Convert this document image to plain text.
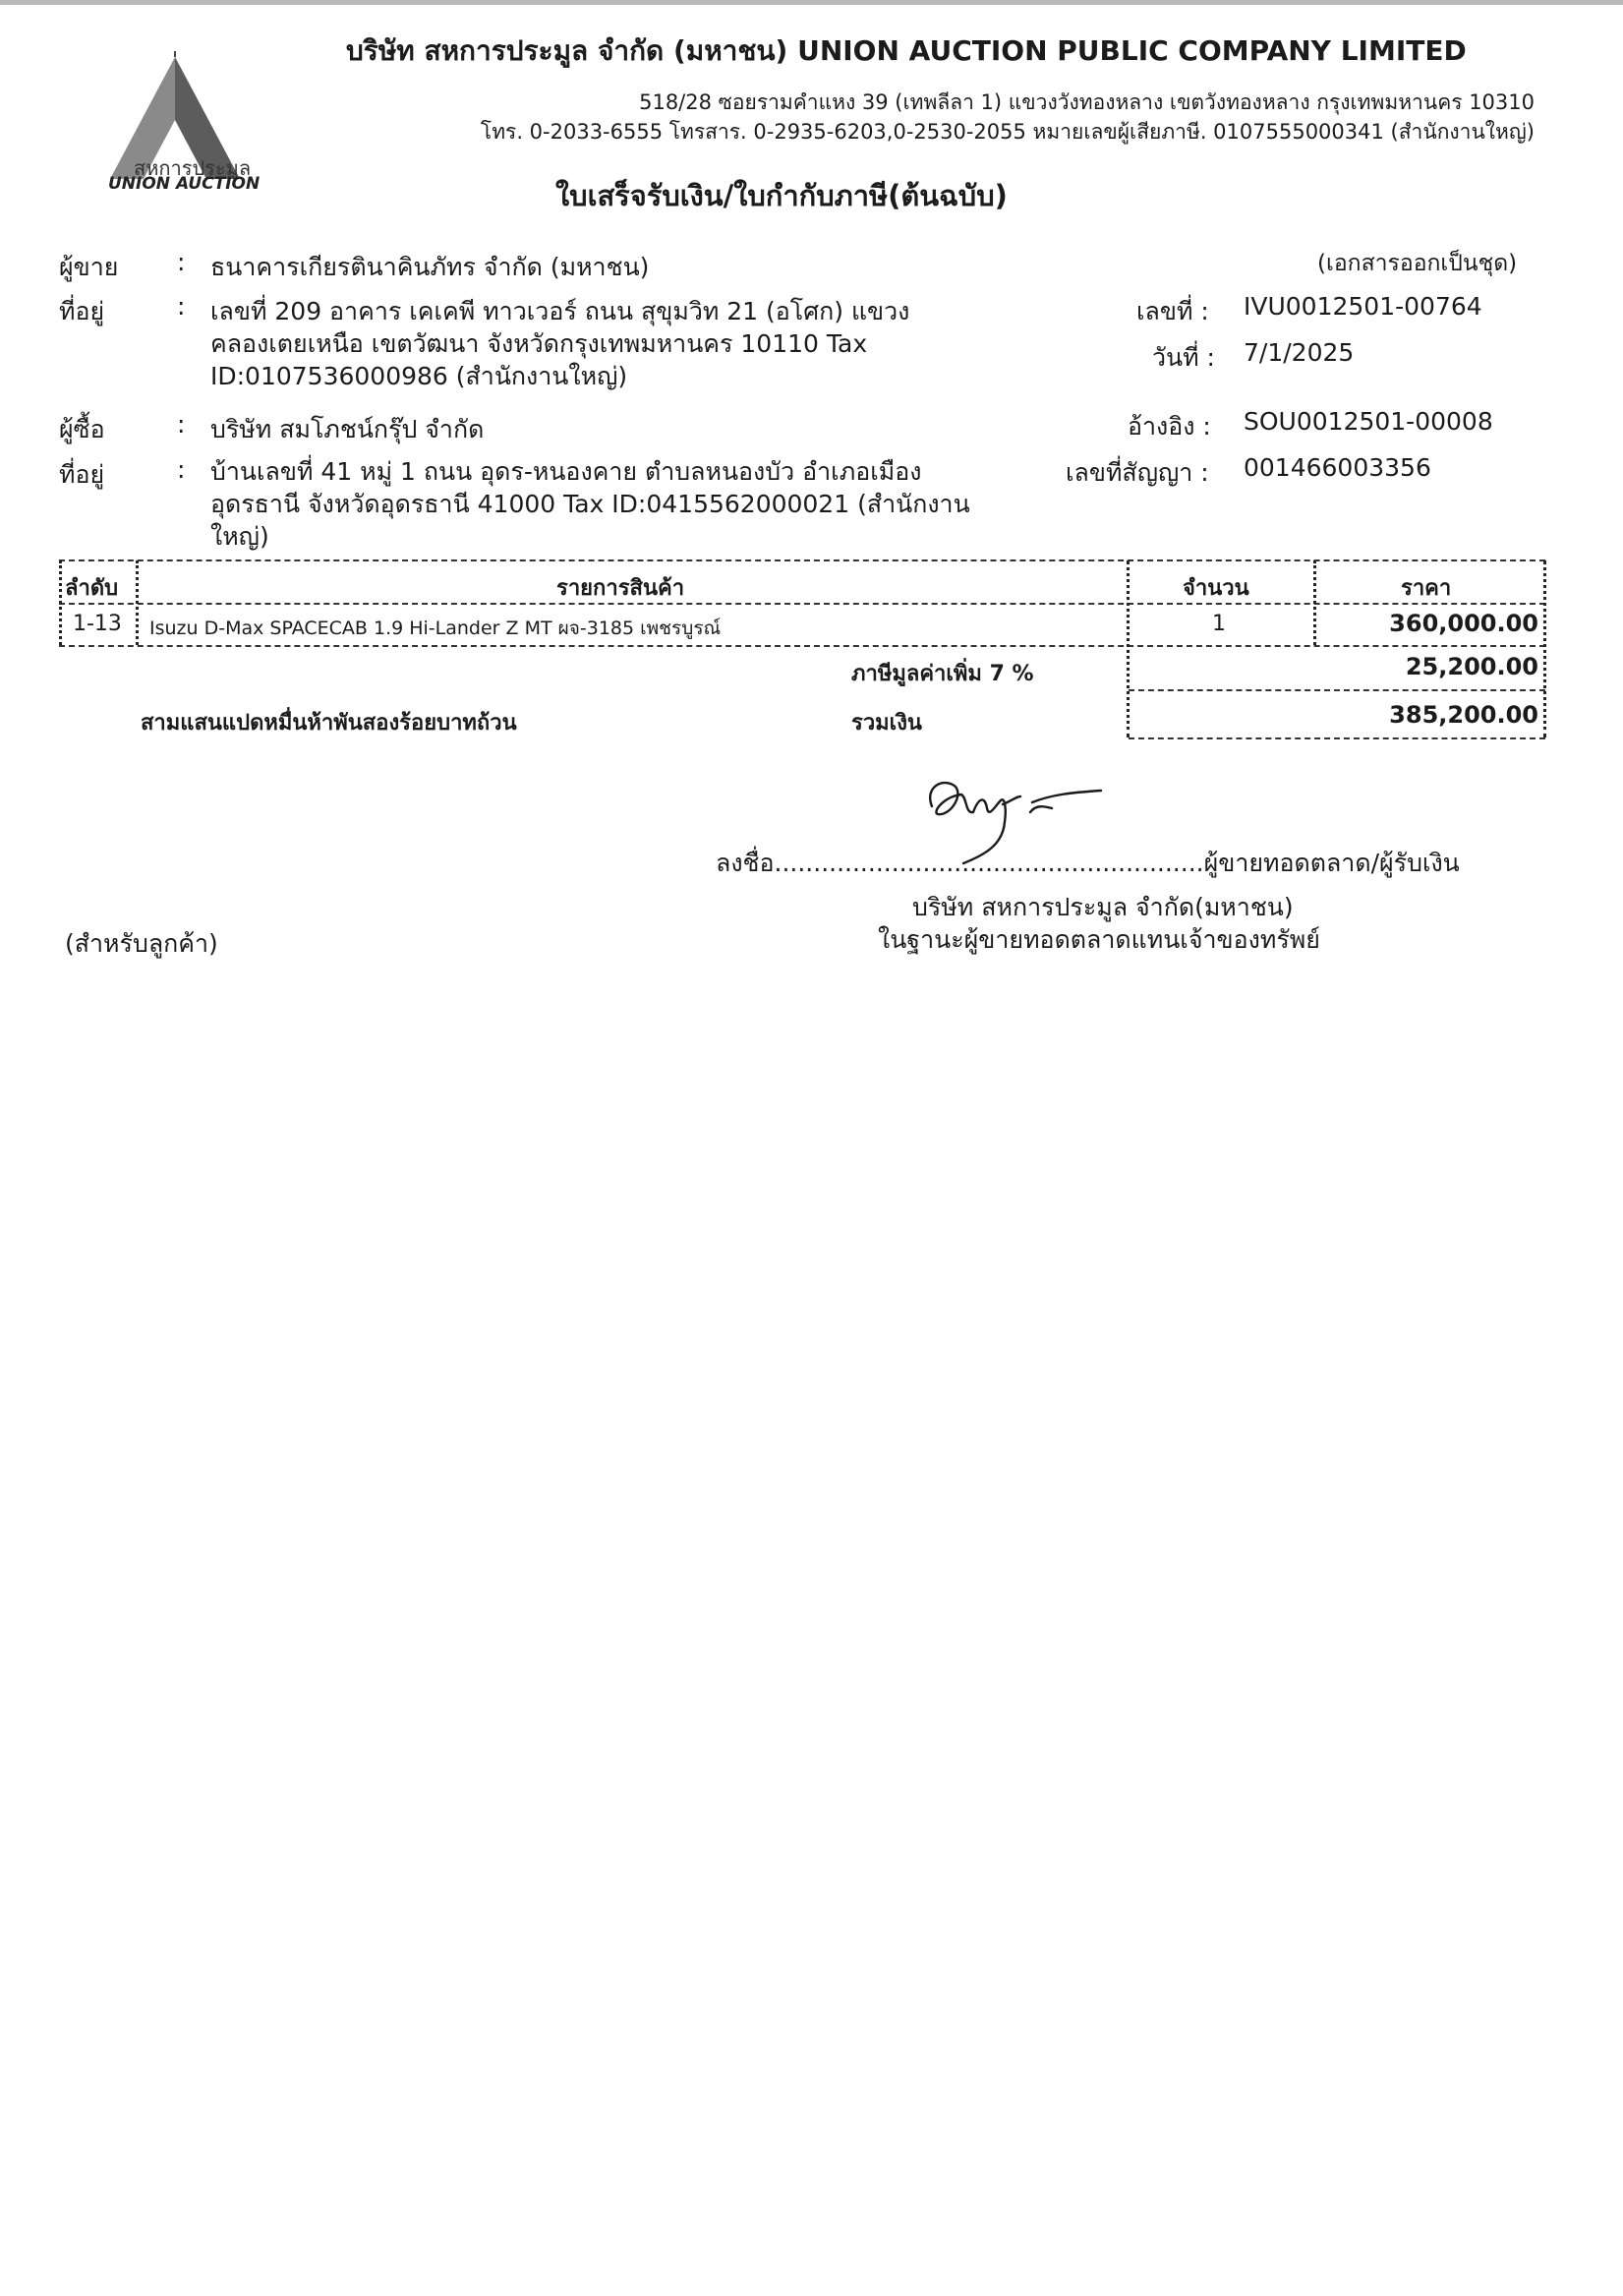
สหการประมูล
UNION AUCTION
บริษัท สหการประมูล จำกัด (มหาชน) UNION AUCTION PUBLIC COMPANY LIMITED
518/28 ซอยรามคำแหง 39 (เทพลีลา 1) แขวงวังทองหลาง เขตวังทองหลาง กรุงเทพมหานคร 10310
โทร. 0-2033-6555 โทรสาร. 0-2935-6203,0-2530-2055 หมายเลขผู้เสียภาษี. 0107555000341 (สำนักงานใหญ่)
ใบเสร็จรับเงิน/ใบกำกับภาษี(ต้นฉบับ)
ผู้ขาย : ธนาคารเกียรตินาคินภัทร จำกัด (มหาชน)	(เอกสารออกเป็นชุด)
ที่อยู่	: เลขที่ 209 อาคาร เคเคพี ทาวเวอร์ ถนน สุขุมวิท 21 (อโศก) แขวง
คลองเตยเหนือ เขตวัฒนา จังหวัดกรุงเทพมหานคร 10110 Tax
ID:0107536000986 (สำนักงานใหญ่)
เลขที่ : IVU0012501-00764
วันที่ : 7/1/2025
ผู้ซื้อ	: บริษัท สมโภชน์กรุ๊ป จำกัด	อ้างอิง : SOU0012501-00008
ที่อยู่	: บ้านเลขที่ 41 หมู่ 1 ถนน อุดร-หนองคาย ตำบลหนองบัว อำเภอเมือง
อุดรธานี จังหวัดอุดรธานี 41000 Tax ID:0415562000021 (สำนักงาน
ใหญ่)
เลขที่สัญญา : 001466003356
ลำดับ	รายการสินค้า	จำนวน	ราคา
1-13 Isuzu D-Max SPACECAB 1.9 Hi-Lander Z MT ผจ-3185 เพชรบูรณ์	1	360,000.00
ภาษีมูลค่าเพิ่ม 7 %	25,200.00
สามแสนแปดหมื่นห้าพันสองร้อยบาทถ้วน	รวมเงิน	385,200.00
ลงชื่อ.......................................................ผู้ขายทอดตลาด/ผู้รับเงิน
บริษัท สหการประมูล จำกัด(มหาชน)
ในฐานะผู้ขายทอดตลาดแทนเจ้าของทรัพย์
(สำหรับลูกค้า)
